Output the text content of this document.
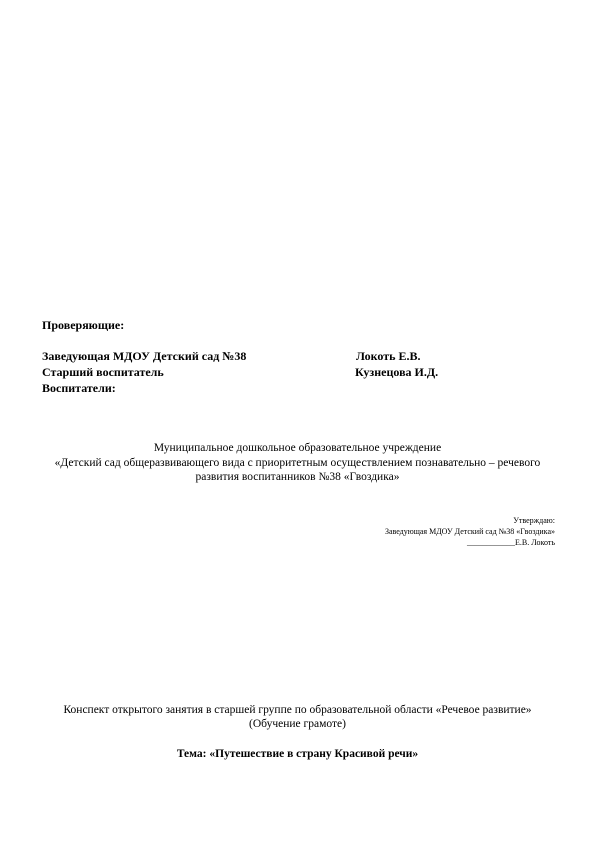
Проверяющие:
Заведующая МДОУ Детский сад №38	Локоть Е.В.
Старший воспитатель	Кузнецова И.Д.
Воспитатели:
Муниципальное дошкольное образовательное учреждение
«Детский сад общеразвивающего вида с приоритетным осуществлением познавательно – речевого
развития воспитанников №38 «Гвоздика»
Утверждаю:
Заведующая МДОУ Детский сад №38 «Гвоздика»
____________Е.В. Локоть
Конспект открытого занятия в старшей группе по образовательной области «Речевое развитие»
(Обучение грамоте)
Тема: «Путешествие в страну Красивой речи»
